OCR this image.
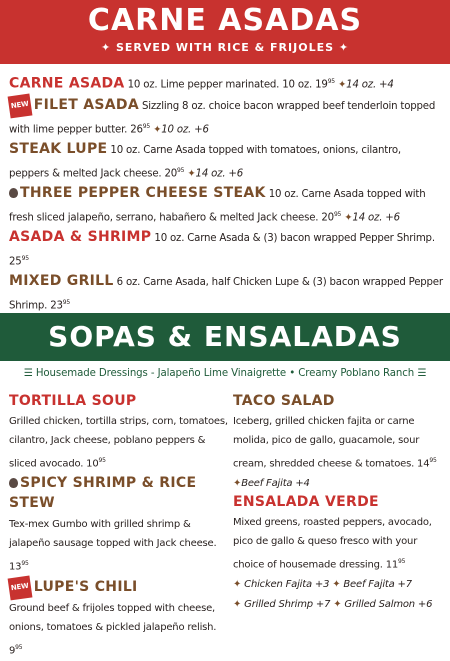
CARNE ASADAS
✦ SERVED WITH RICE & FRIJOLES ✦
CARNE ASADA 10 oz. Lime pepper marinated. 10 oz. $19^{95}$ ✦14 oz. +4
NEW FILET ASADA Sizzling 8 oz. choice bacon wrapped beef tenderloin topped with lime pepper butter. $26^{95}$ ✦10 oz. +6
STEAK LUPE 10 oz. Carne Asada topped with tomatoes, onions, cilantro, peppers & melted Jack cheese. $20^{95}$ ✦14 oz. +6
THREE PEPPER CHEESE STEAK 10 oz. Carne Asada topped with fresh sliced jalapeño, serrano, habañero & melted Jack cheese. $20^{95}$ ✦14 oz. +6
ASADA & SHRIMP 10 oz. Carne Asada & (3) bacon wrapped Pepper Shrimp. $25^{95}$
MIXED GRILL 6 oz. Carne Asada, half Chicken Lupe & (3) bacon wrapped Pepper Shrimp. $23^{95}$
SOPAS & ENSALADAS
☰ Housemade Dressings - Jalapeño Lime Vinaigrette • Creamy Poblano Ranch ☰
TORTILLA SOUP
Grilled chicken, tortilla strips, corn, tomatoes, cilantro, Jack cheese, poblano peppers & sliced avocado. $10^{95}$
SPICY SHRIMP & RICE STEW
Tex-mex Gumbo with grilled shrimp & jalapeño sausage topped with Jack cheese. $13^{95}$
NEW LUPE'S CHILI
Ground beef & frijoles topped with cheese, onions, tomatoes & pickled jalapeño relish. $9^{95}$
TACO SALAD
Iceberg, grilled chicken fajita or carne molida, pico de gallo, guacamole, sour cream, shredded cheese & tomatoes. $14^{95}$ ✦Beef Fajita +4
ENSALADA VERDE
Mixed greens, roasted peppers, avocado, pico de gallo & queso fresco with your choice of housemade dressing. $11^{95}$
✦ Chicken Fajita +3 ✦ Beef Fajita +7
✦ Grilled Shrimp +7 ✦ Grilled Salmon +6
